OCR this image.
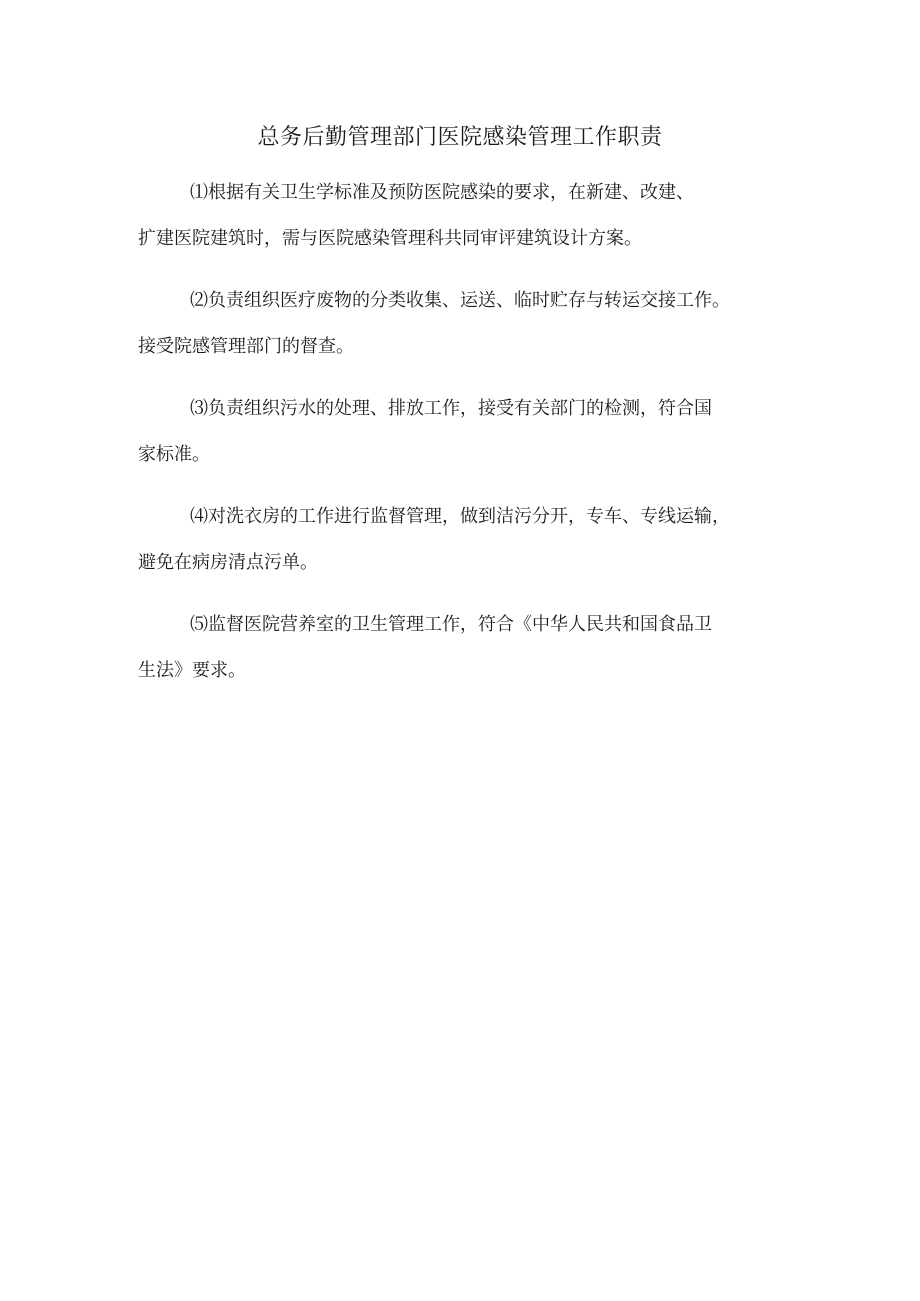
总务后勤管理部门医院感染管理工作职责

⑴根据有关卫生学标准及预防医院感染的要求，在新建、改建、
扩建医院建筑时，需与医院感染管理科共同审评建筑设计方案。

⑵负责组织医疗废物的分类收集、运送、临时贮存与转运交接工作。
接受院感管理部门的督查。

⑶负责组织污水的处理、排放工作，接受有关部门的检测，符合国
家标准。

⑷对洗衣房的工作进行监督管理，做到洁污分开，专车、专线运输，
避免在病房清点污单。

⑸监督医院营养室的卫生管理工作，符合《中华人民共和国食品卫
生法》要求。
